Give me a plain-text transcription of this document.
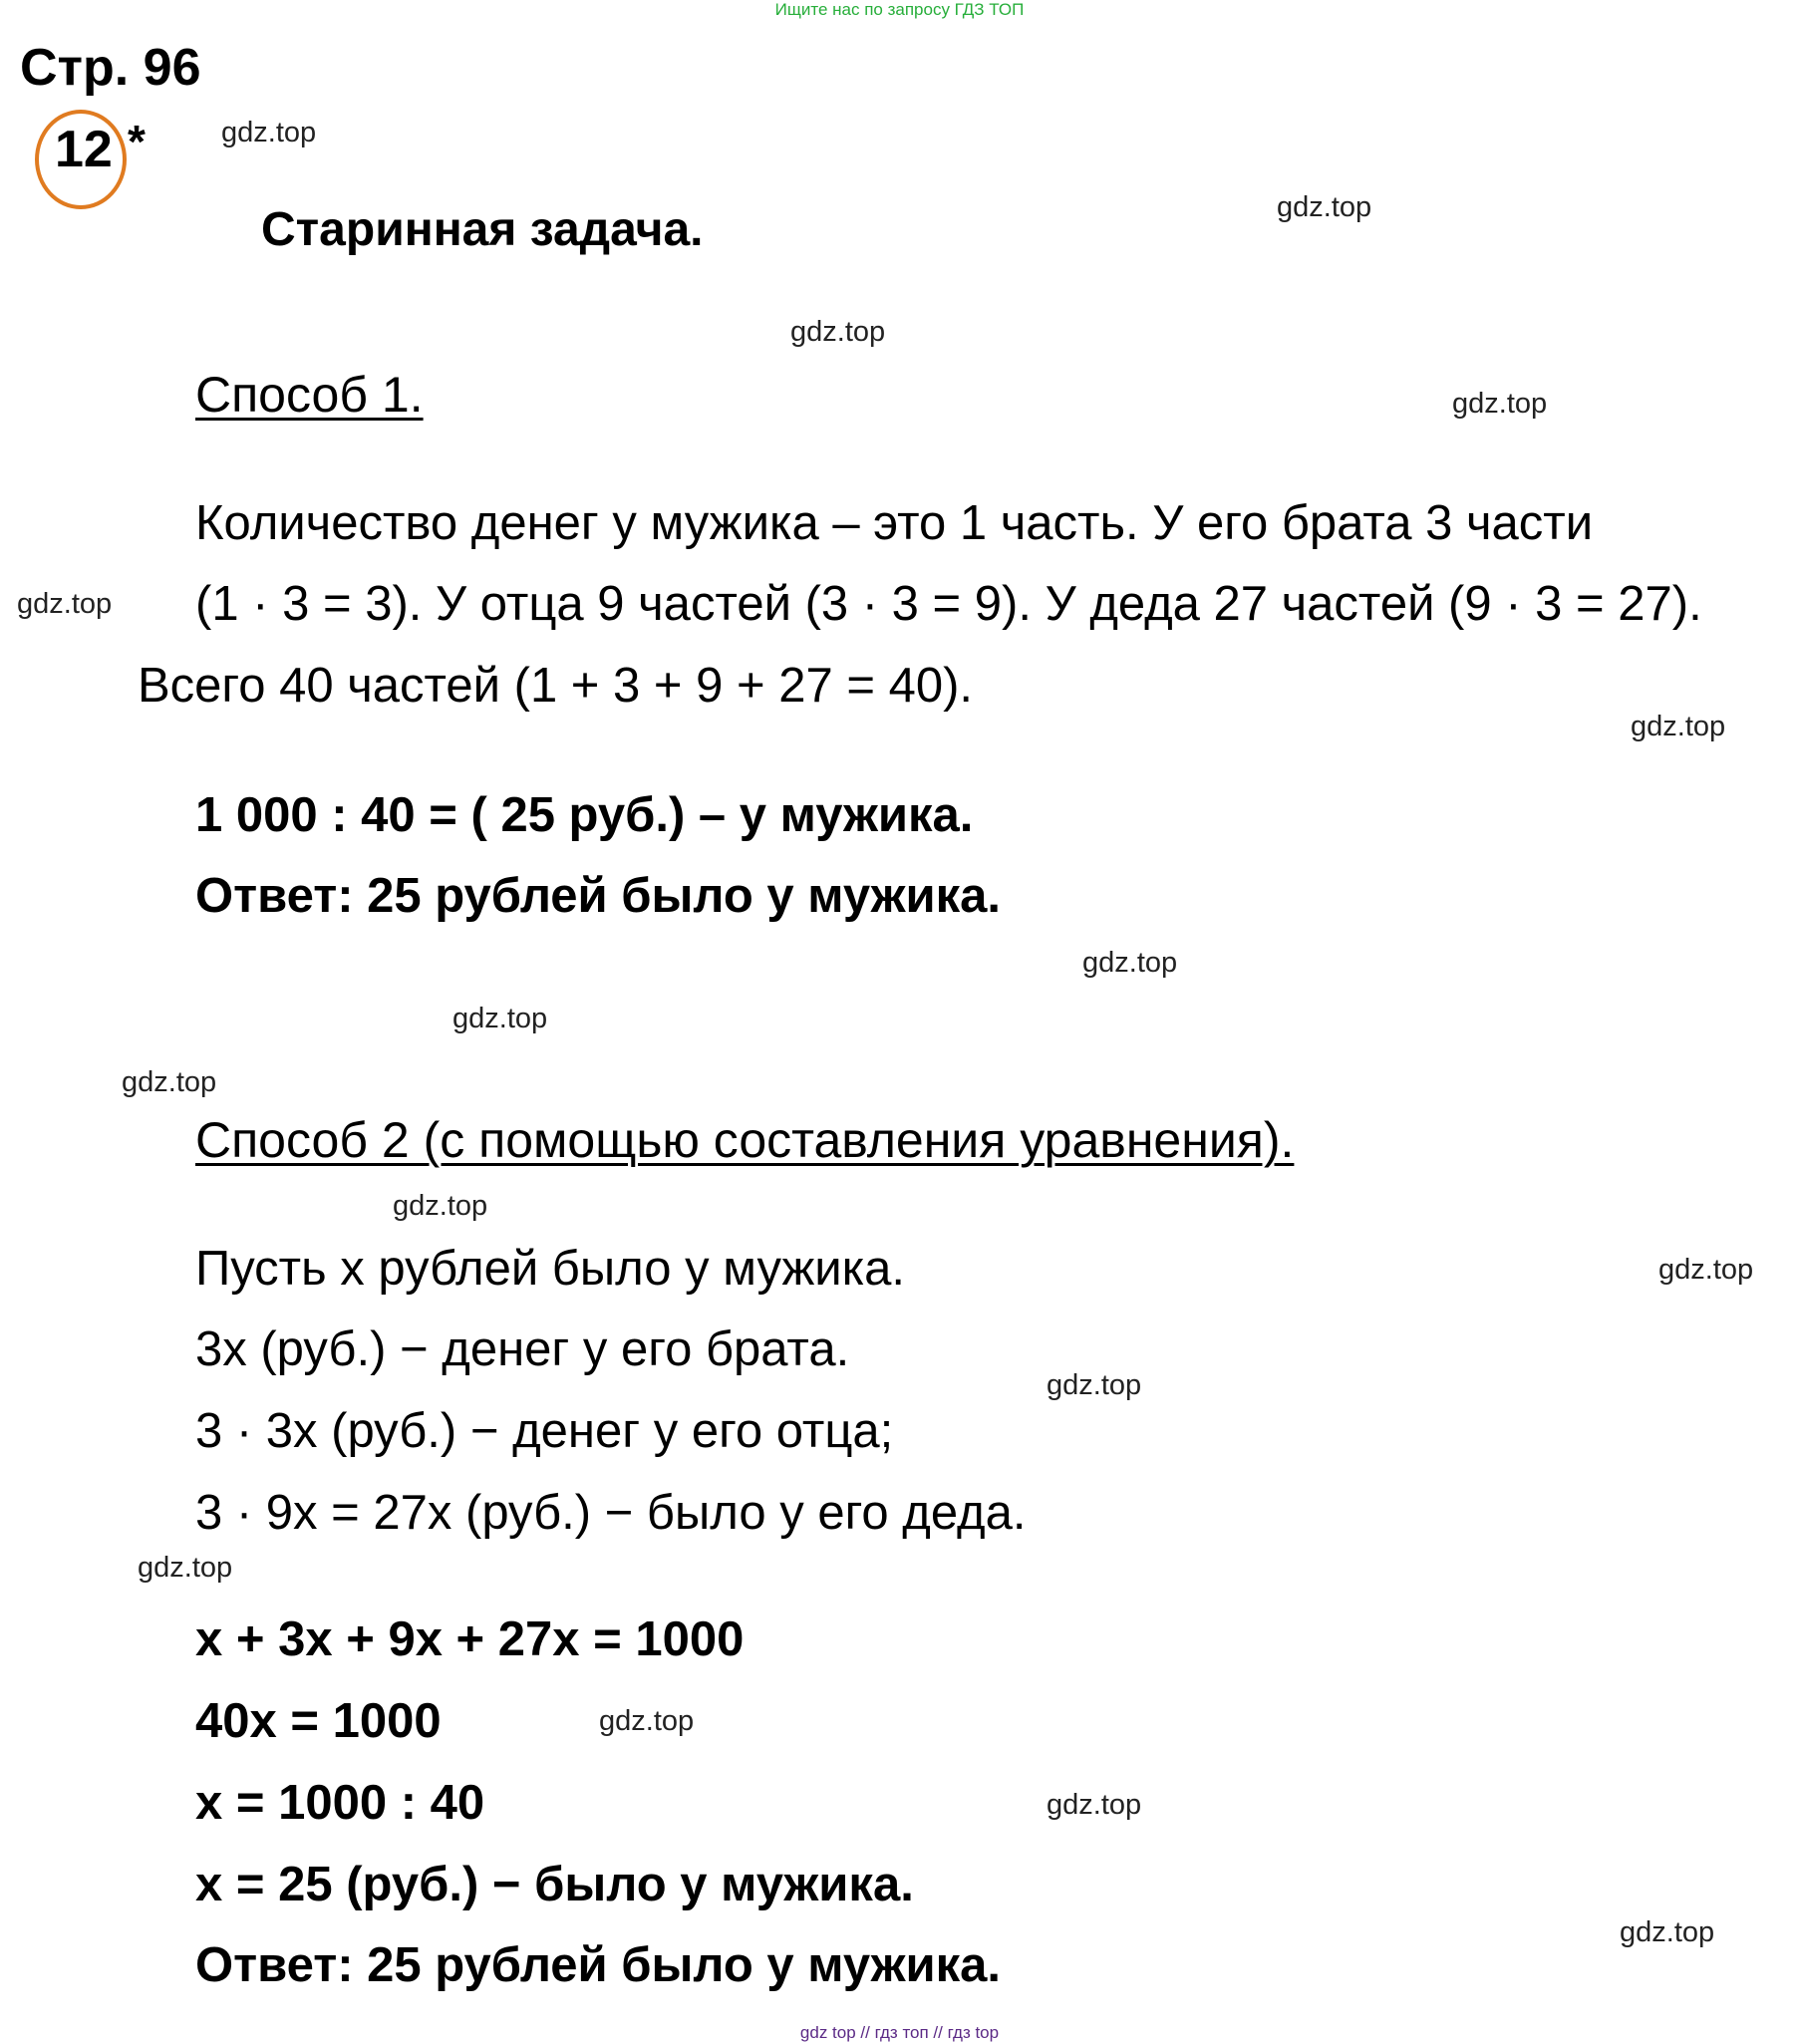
Ищите нас по запросу ГДЗ ТОП
Стр. 96
12 *
Старинная задача.
Способ 1.
Количество денег у мужика – это 1 часть. У его брата 3 части
(1 · 3 = 3). У отца 9 частей (3 · 3 = 9). У деда 27 частей (9 · 3 = 27).
Всего 40 частей (1 + 3 + 9 + 27 = 40).
1 000 : 40 = ( 25 руб.) – у мужика.
Ответ: 25 рублей было у мужика.
Способ 2 (с помощью составления уравнения).
Пусть x рублей было у мужика.
3x (руб.) − денег у его брата.
3 · 3x (руб.) − денег у его отца;
3 · 9x = 27x (руб.) − было у его деда.
x + 3x + 9x + 27x = 1000
40x = 1000
x = 1000 : 40
x = 25 (руб.) − было у мужика.
Ответ: 25 рублей было у мужика.
gdz.top
gdz.top
gdz.top
gdz.top
gdz.top
gdz.top
gdz.top
gdz.top
gdz.top
gdz.top
gdz.top
gdz.top
gdz.top
gdz.top
gdz.top
gdz.top
gdz top // гдз топ // гдз top
